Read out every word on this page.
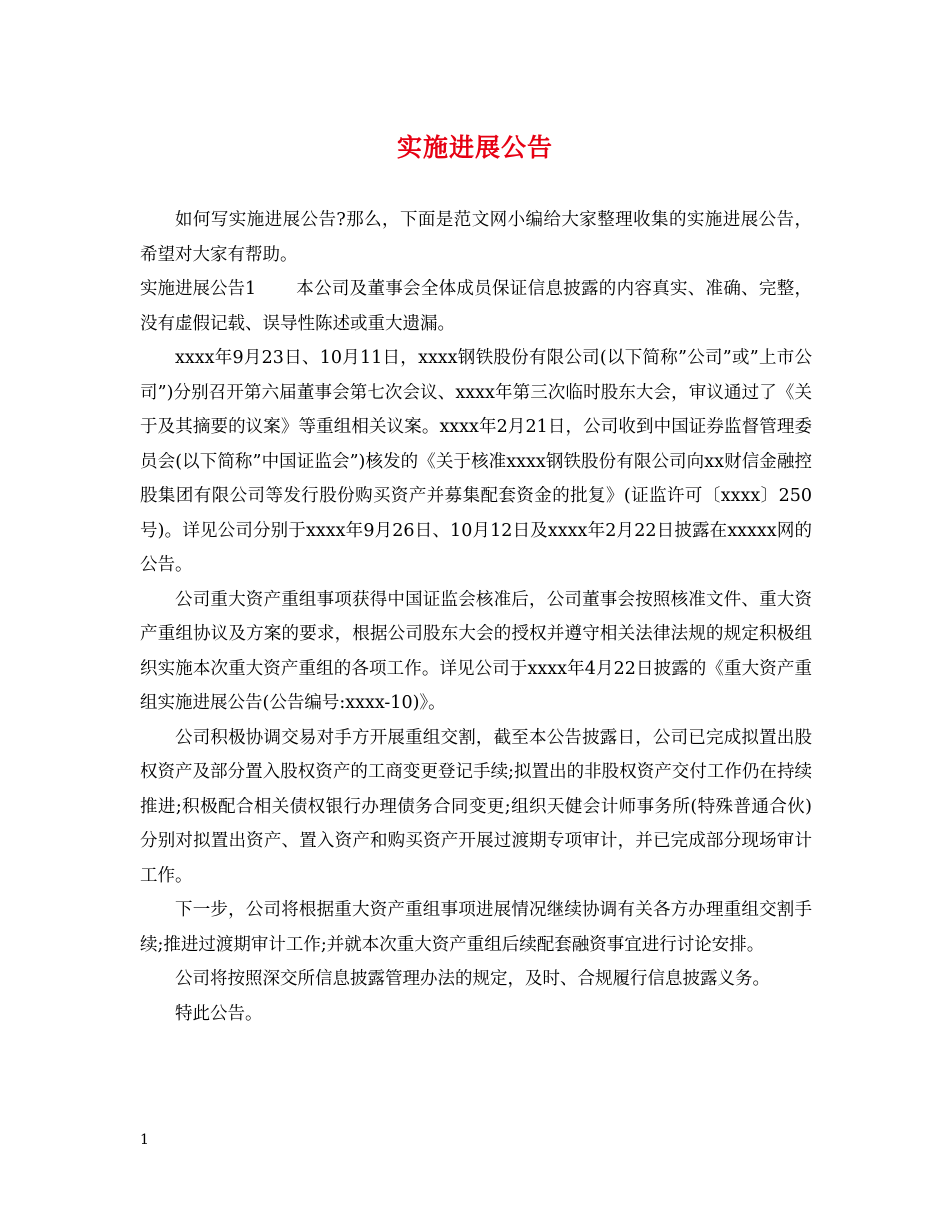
实施进展公告

如何写实施进展公告?那么，下面是范文网小编给大家整理收集的实施进展公告，希望对大家有帮助。

实施进展公告1 本公司及董事会全体成员保证信息披露的内容真实、准确、完整，没有虚假记载、误导性陈述或重大遗漏。

xxxx年9月23日、10月11日，xxxx钢铁股份有限公司(以下简称”公司”或”上市公司”)分别召开第六届董事会第七次会议、xxxx年第三次临时股东大会，审议通过了《关于及其摘要的议案》等重组相关议案。xxxx年2月21日，公司收到中国证券监督管理委员会(以下简称”中国证监会”)核发的《关于核准xxxx钢铁股份有限公司向xx财信金融控股集团有限公司等发行股份购买资产并募集配套资金的批复》(证监许可〔xxxx〕250号)。详见公司分别于xxxx年9月26日、10月12日及xxxx年2月22日披露在xxxxx网的公告。

公司重大资产重组事项获得中国证监会核准后，公司董事会按照核准文件、重大资产重组协议及方案的要求，根据公司股东大会的授权并遵守相关法律法规的规定积极组织实施本次重大资产重组的各项工作。详见公司于xxxx年4月22日披露的《重大资产重组实施进展公告(公告编号:xxxx-10)》。

公司积极协调交易对手方开展重组交割，截至本公告披露日，公司已完成拟置出股权资产及部分置入股权资产的工商变更登记手续;拟置出的非股权资产交付工作仍在持续推进;积极配合相关债权银行办理债务合同变更;组织天健会计师事务所(特殊普通合伙)分别对拟置出资产、置入资产和购买资产开展过渡期专项审计，并已完成部分现场审计工作。

下一步，公司将根据重大资产重组事项进展情况继续协调有关各方办理重组交割手续;推进过渡期审计工作;并就本次重大资产重组后续配套融资事宜进行讨论安排。

公司将按照深交所信息披露管理办法的规定，及时、合规履行信息披露义务。

特此公告。

1
